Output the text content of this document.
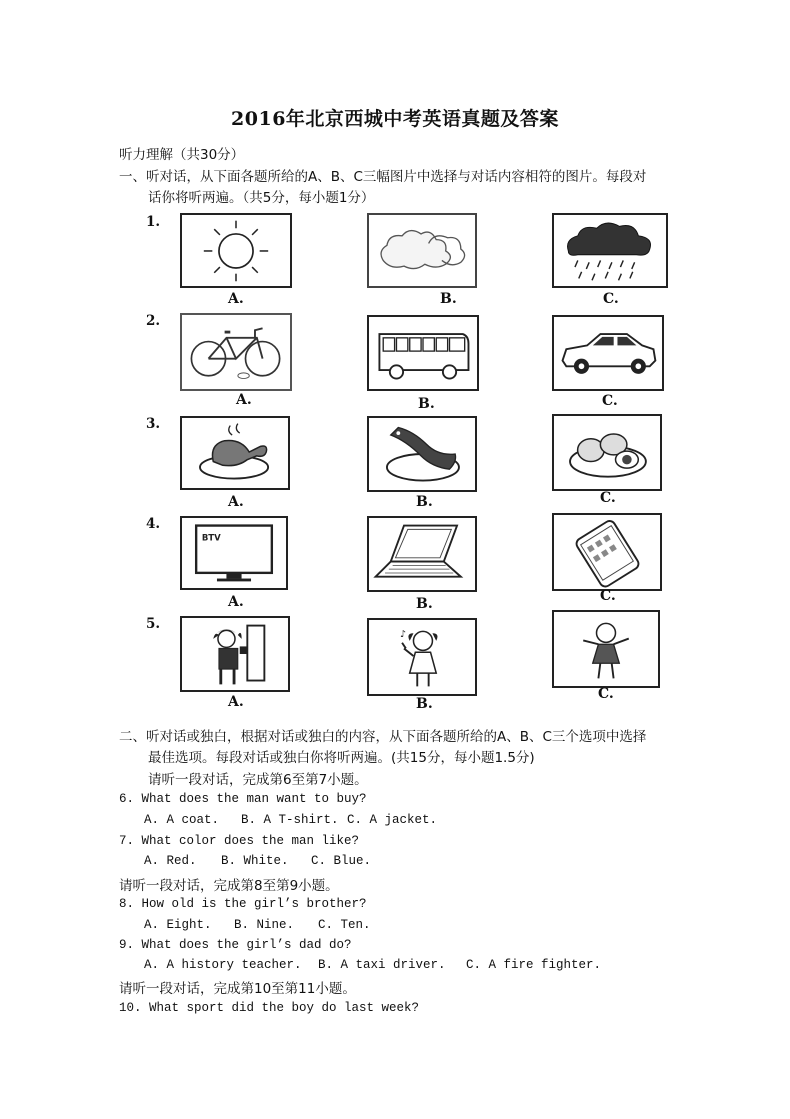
2016年北京西城中考英语真题及答案
听力理解（共30分）
一、听对话，从下面各题所给的A、B、C三幅图片中选择与对话内容相符的图片。每段对
话你将听两遍。（共5分，每小题1分）
1.
2.
3.
4.
5.
A.	B.	C.
A.	B.	C.
A.	B.	C.
BTV
A.	B.	C.
♪
A.	B.
C.
二、听对话或独白，根据对话或独白的内容，从下面各题所给的A、B、C三个选项中选择
最佳选项。每段对话或独白你将听两遍。(共15分，每小题1.5分)
请听一段对话，完成第6至第7小题。
6. What does the man want to buy?
A. A coat. B. A T-shirt. C. A jacket.
7. What color does the man like?
A. Red. B. White. C. Blue.
请听一段对话，完成第8至第9小题。
8. How old is the girl’s brother?
A. Eight. B. Nine. C. Ten.
9. What does the girl’s dad do?
A. A history teacher. B. A taxi driver. C. A fire fighter.
请听一段对话，完成第10至第11小题。
10. What sport did the boy do last week?
